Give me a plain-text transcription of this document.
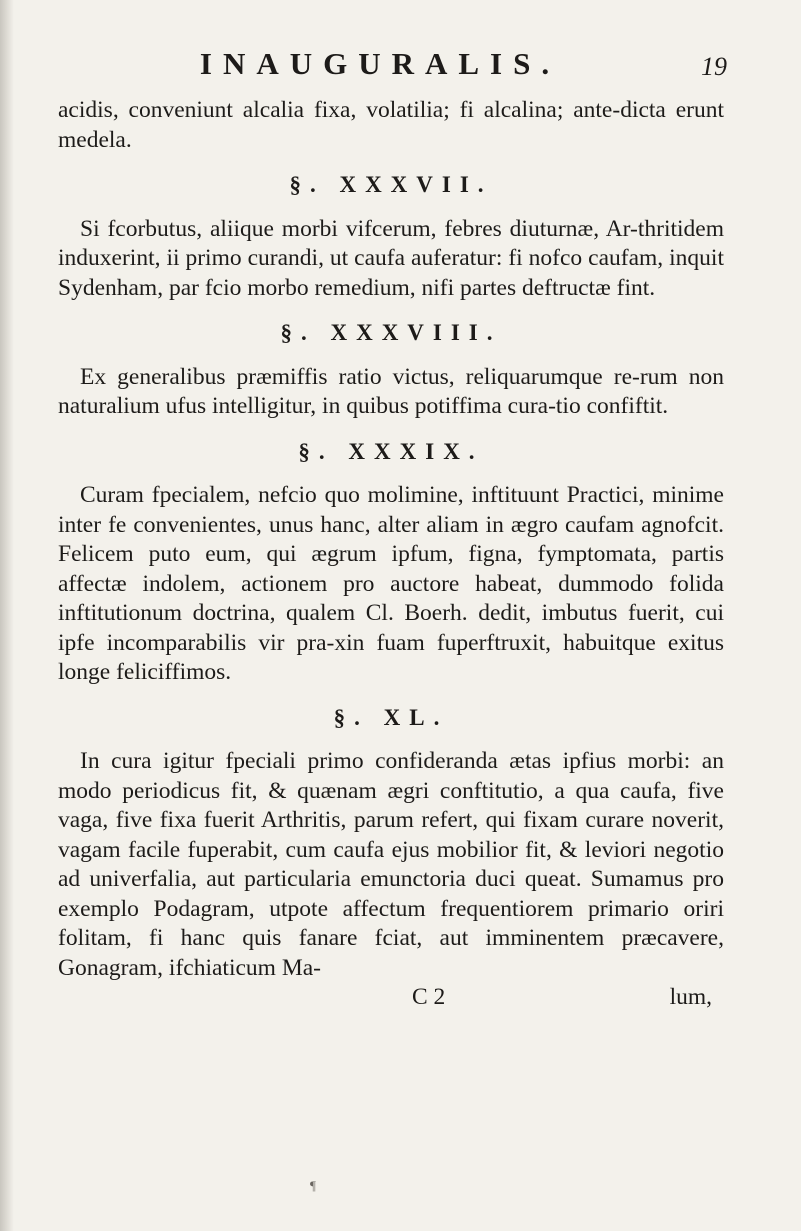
INAUGURALIS.	19

acidis, conveniunt alcalia fixa, volatilia; fi alcalina; ante-dicta erunt medela.

§. XXXVII.

Si fcorbutus, aliique morbi vifcerum, febres diuturnæ, Ar-thritidem induxerint, ii primo curandi, ut caufa auferatur: fi nofco caufam, inquit Sydenham, par fcio morbo remedium, nifi partes deftructæ fint.

§. XXXVIII.

Ex generalibus præmiffis ratio victus, reliquarumque re-rum non naturalium ufus intelligitur, in quibus potiffima cura-tio confiftit.

§. XXXIX.

Curam fpecialem, nefcio quo molimine, inftituunt Practici, minime inter fe convenientes, unus hanc, alter aliam in ægro caufam agnofcit. Felicem puto eum, qui ægrum ipfum, figna, fymptomata, partis affectæ indolem, actionem pro auctore habeat, dummodo folida inftitutionum doctrina, qualem Cl. Boerh. dedit, imbutus fuerit, cui ipfe incomparabilis vir pra-xin fuam fuperftruxit, habuitque exitus longe feliciffimos.

§. XL.

In cura igitur fpeciali primo confideranda ætas ipfius morbi: an modo periodicus fit, & quænam ægri conftitutio, a qua caufa, five vaga, five fixa fuerit Arthritis, parum refert, qui fixam curare noverit, vagam facile fuperabit, cum caufa ejus mobilior fit, & leviori negotio ad univerfalia, aut particularia emunctoria duci queat. Sumamus pro exemplo Podagram, utpote affectum frequentiorem primario oriri folitam, fi hanc quis fanare fciat, aut imminentem præcavere, Gonagram, ifchiaticum Ma-

C 2	lum,
¶
